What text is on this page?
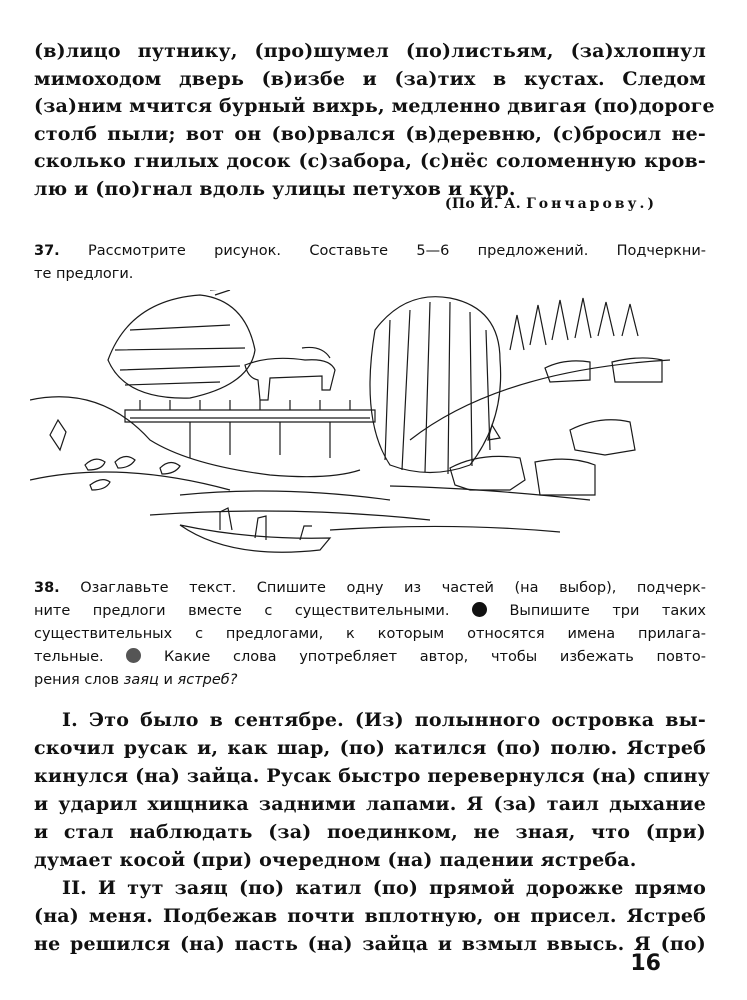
(в)лицо путнику, (про)шумел (по)листьям, (за)хлопнул
мимоходом дверь (в)избе и (за)тих в кустах. Следом
(за)ним мчится бурный вихрь, медленно двигая (по)дороге
столб пыли; вот он (во)рвался (в)деревню, (с)бросил не-
сколько гнилых досок (с)забора, (с)нёс соломенную кров-
лю и (по)гнал вдоль улицы петухов и кур.
(По И. А. Гончарову.)
37. Рассмотрите рисунок. Составьте 5—6 предложений. Подчеркни-
те предлоги.
38. Озаглавьте текст. Спишите одну из частей (на выбор), подчерк-
ните предлоги вместе с существительными.	Выпишите три таких
существительных с предлогами, к которым относятся имена прилага-
тельные.	Какие слова употребляет автор, чтобы избежать повто-
рения слов заяц и ястреб?
I. Это было в сентябре. (Из) полынного островка вы-
скочил русак и, как шар, (по) катился (по) полю. Ястреб
кинулся (на) зайца. Русак быстро перевернулся (на) спину
и ударил хищника задними лапами. Я (за) таил дыхание
и стал наблюдать (за) поединком, не зная, что (при)
думает косой (при) очередном (на) падении ястреба.
II. И тут заяц (по) катил (по) прямой дорожке прямо
(на) меня. Подбежав почти вплотную, он присел. Ястреб
не решился (на) пасть (на) зайца и взмыл ввысь. Я (по)
16
